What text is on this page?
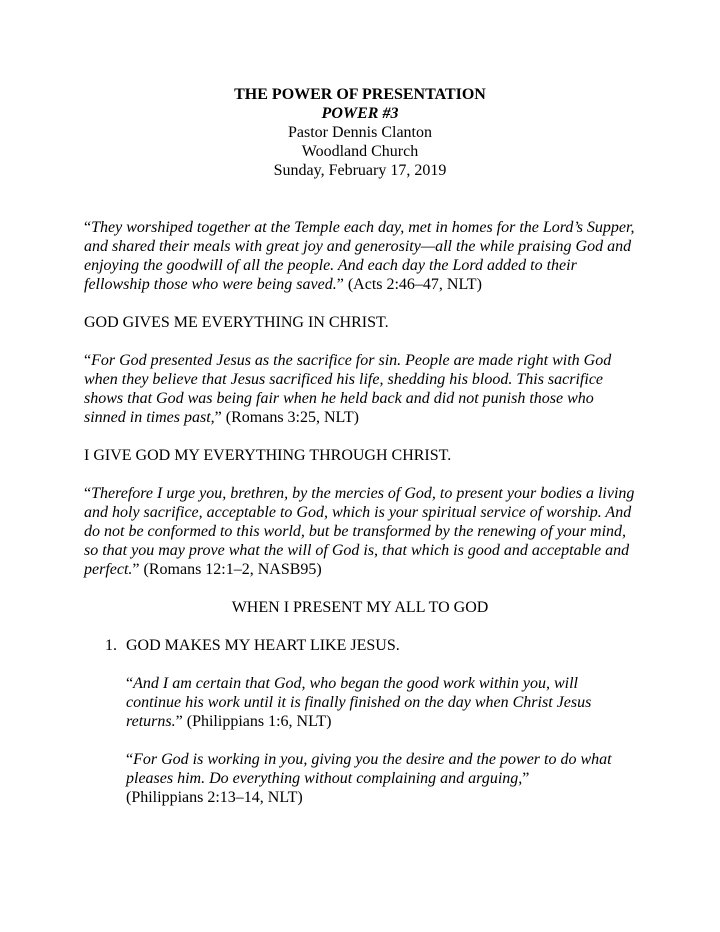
THE POWER OF PRESENTATION
POWER #3
Pastor Dennis Clanton
Woodland Church
Sunday, February 17, 2019

“They worshiped together at the Temple each day, met in homes for the Lord’s Supper, and shared their meals with great joy and generosity—all the while praising God and enjoying the goodwill of all the people. And each day the Lord added to their fellowship those who were being saved.” (Acts 2:46–47, NLT)

GOD GIVES ME EVERYTHING IN CHRIST.

“For God presented Jesus as the sacrifice for sin. People are made right with God when they believe that Jesus sacrificed his life, shedding his blood. This sacrifice shows that God was being fair when he held back and did not punish those who sinned in times past,” (Romans 3:25, NLT)

I GIVE GOD MY EVERYTHING THROUGH CHRIST.

“Therefore I urge you, brethren, by the mercies of God, to present your bodies a living and holy sacrifice, acceptable to God, which is your spiritual service of worship. And do not be conformed to this world, but be transformed by the renewing of your mind, so that you may prove what the will of God is, that which is good and acceptable and perfect.” (Romans 12:1–2, NASB95)

WHEN I PRESENT MY ALL TO GOD

1. GOD MAKES MY HEART LIKE JESUS.

“And I am certain that God, who began the good work within you, will continue his work until it is finally finished on the day when Christ Jesus returns.” (Philippians 1:6, NLT)

“For God is working in you, giving you the desire and the power to do what pleases him. Do everything without complaining and arguing,”
(Philippians 2:13–14, NLT)
